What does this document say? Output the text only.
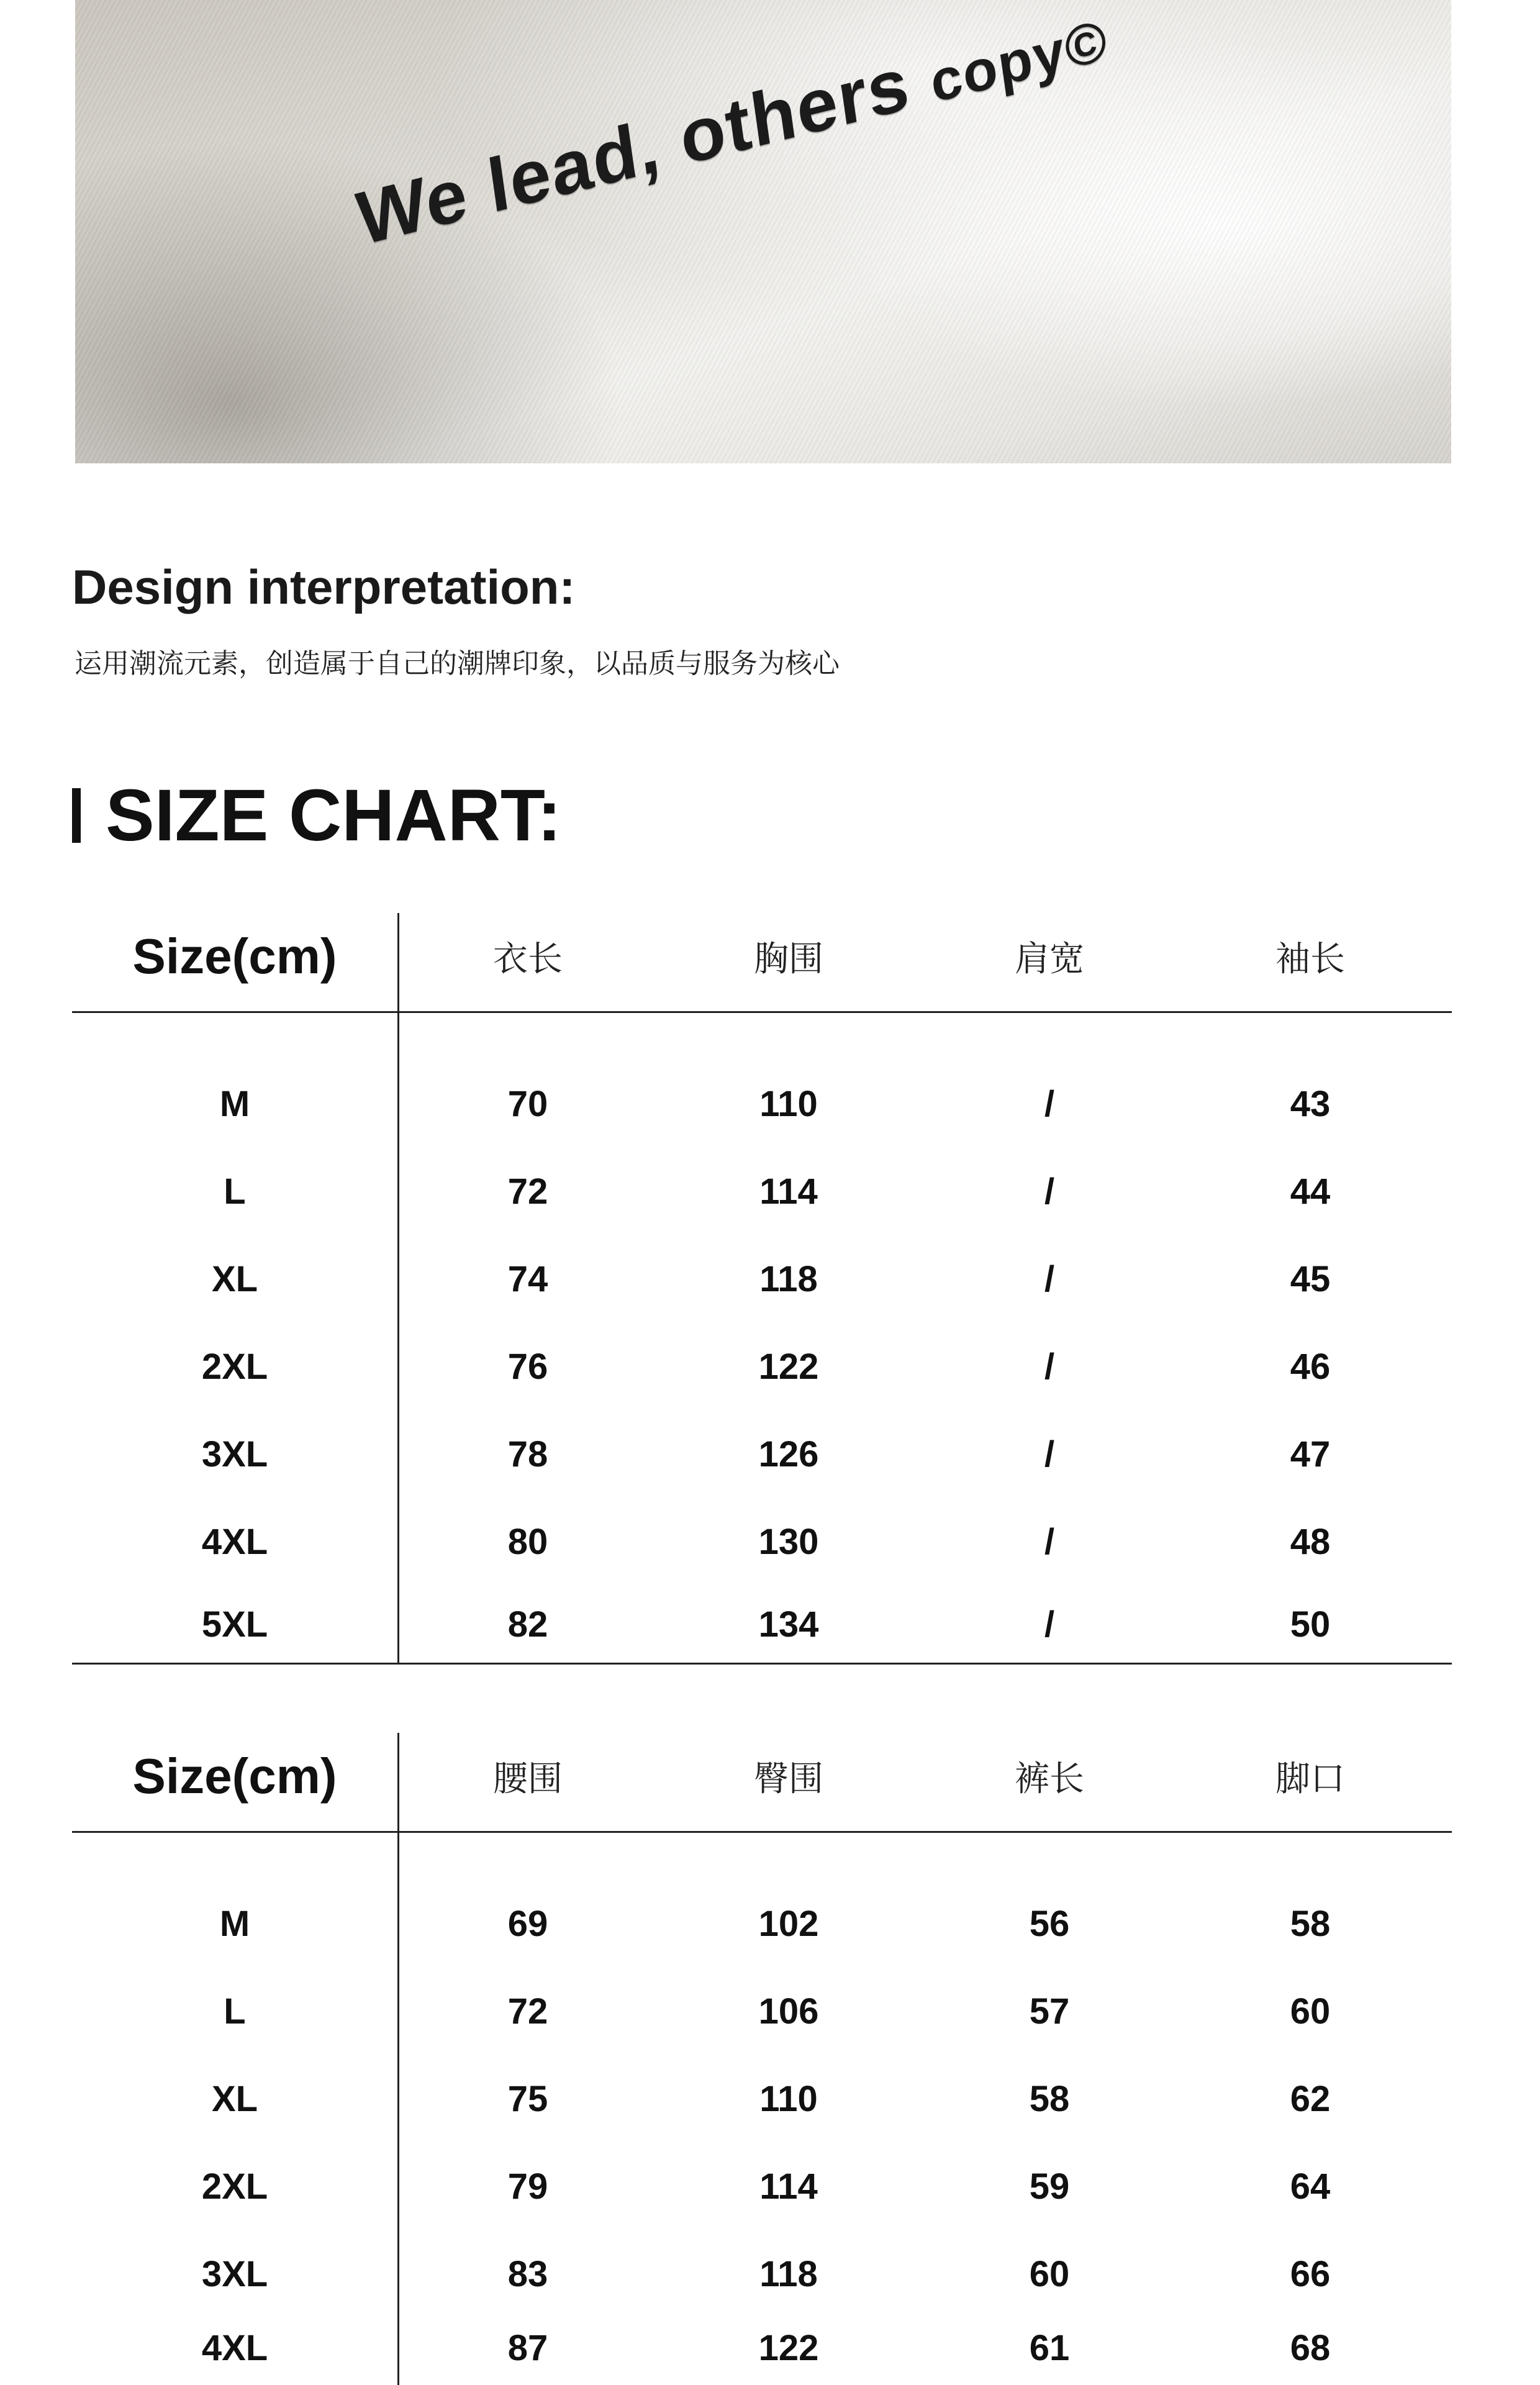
We lead, others copy©
Design interpretation:
运用潮流元素，创造属于自己的潮牌印象，以品质与服务为核心
SIZE CHART:
Size(cm)	衣长	胸围	肩宽	袖长
M	70	110	/	43
L	72	114	/	44
XL	74	118	/	45
2XL	76	122	/	46
3XL	78	126	/	47
4XL	80	130	/	48
5XL	82	134	/	50
Size(cm)	腰围	臀围	裤长	脚口
M	69	102	56	58
L	72	106	57	60
XL	75	110	58	62
2XL	79	114	59	64
3XL	83	118	60	66
4XL	87	122	61	68
